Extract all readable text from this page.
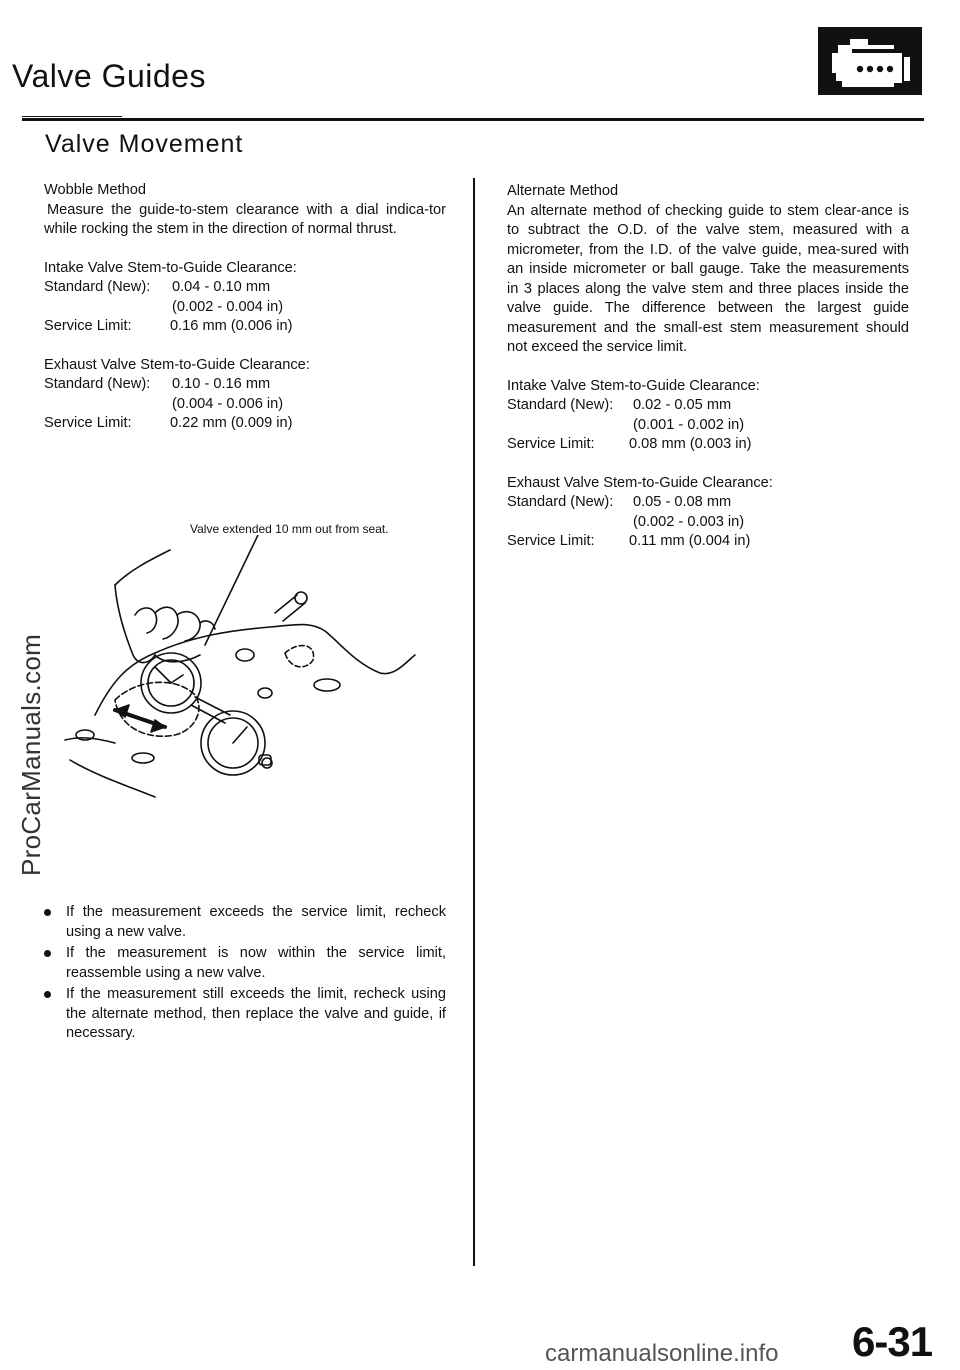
Valve Guides
Valve Movement

Wobble Method

Measure the guide-to-stem clearance with a dial indica-tor while rocking the stem in the direction of normal thrust.

Intake Valve Stem-to-Guide Clearance:

Standard (New): 0.04 - 0.10 mm
(0.002 - 0.004 in)
Service Limit:	0.16 mm (0.006 in)

Exhaust Valve Stem-to-Guide Clearance:

Standard (New): 0.10 - 0.16 mm
(0.004 - 0.006 in)
Service Limit:	0.22 mm (0.009 in)
Valve extended 10 mm out from seat.
If the measurement exceeds the service limit, recheck using a new valve.
If the measurement is now within the service limit, reassemble using a new valve.
If the measurement still exceeds the limit, recheck using the alternate method, then replace the valve and guide, if necessary.

Alternate Method

An alternate method of checking guide to stem clear-ance is to subtract the O.D. of the valve stem, measured with a micrometer, from the I.D. of the valve guide, mea-sured with an inside micrometer or ball gauge. Take the measurements in 3 places along the valve stem and three places inside the valve guide. The difference between the largest guide measurement and the small-est stem measurement should not exceed the service limit.

Intake Valve Stem-to-Guide Clearance:

Standard (New): 0.02 - 0.05 mm
(0.001 - 0.002 in)
Service Limit: 0.08 mm (0.003 in)

Exhaust Valve Stem-to-Guide Clearance:

Standard (New): 0.05 - 0.08 mm
(0.002 - 0.003 in)
Service Limit: 0.11 mm (0.004 in)
ProCarManuals.com
6-31
carmanualsonline.info
